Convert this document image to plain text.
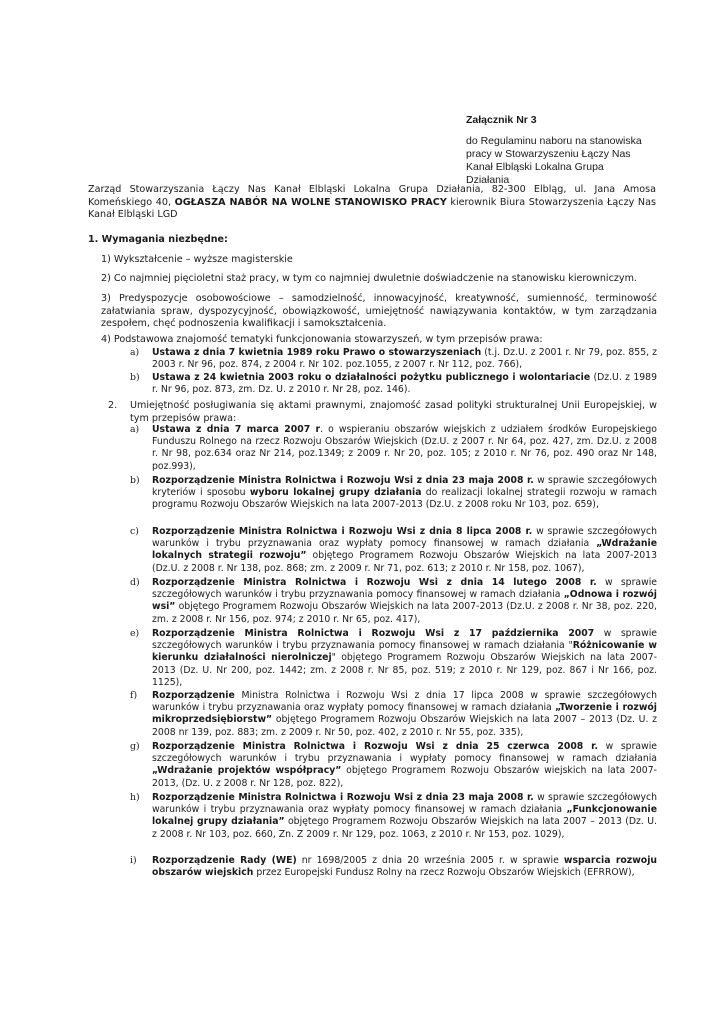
Załącznik Nr 3
do Regulaminu naboru na stanowiska
pracy w Stowarzyszeniu Łączy Nas
Kanał Elbląski Lokalna Grupa
Działania
Zarząd Stowarzyszania Łączy Nas Kanał Elbląski Lokalna Grupa Działania, 82-300 Elbląg, ul. Jana Amosa Komeńskiego 40, OGŁASZA NABÓR NA WOLNE STANOWISKO PRACY kierownik Biura Stowarzyszenia Łączy Nas Kanał Elbląski LGD
1. Wymagania niezbędne:
1) Wykształcenie – wyższe magisterskie
2) Co najmniej pięcioletni staż pracy, w tym co najmniej dwuletnie doświadczenie na stanowisku kierowniczym.
3) Predyspozycje osobowościowe – samodzielność, innowacyjność, kreatywność, sumienność, terminowość załatwiania spraw, dyspozycyjność, obowiązkowość, umiejętność nawiązywania kontaktów, w tym zarządzania zespołem, chęć podnoszenia kwalifikacji i samokształcenia.
4) Podstawowa znajomość tematyki funkcjonowania stowarzyszeń, w tym przepisów prawa:
a) Ustawa z dnia 7 kwietnia 1989 roku Prawo o stowarzyszeniach (t.j. Dz.U. z 2001 r. Nr 79, poz. 855, z 2003 r. Nr 96, poz. 874, z 2004 r. Nr 102. poz.1055, z 2007 r. Nr 112, poz. 766),
b) Ustawa z 24 kwietnia 2003 roku o działalności pożytku publicznego i wolontariacie (Dz.U. z 1989 r. Nr 96, poz. 873, zm. Dz. U. z 2010 r. Nr 28, poz. 146).
2. Umiejętność posługiwania się aktami prawnymi, znajomość zasad polityki strukturalnej Unii Europejskiej, w tym przepisów prawa:
a) Ustawa z dnia 7 marca 2007 r. o wspieraniu obszarów wiejskich z udziałem środków Europejskiego Funduszu Rolnego na rzecz Rozwoju Obszarów Wiejskich (Dz.U. z 2007 r. Nr 64, poz. 427, zm. Dz.U. z 2008 r. Nr 98, poz.634 oraz Nr 214, poz.1349; z 2009 r. Nr 20, poz. 105; z 2010 r. Nr 76, poz. 490 oraz Nr 148, poz.993),
b) Rozporządzenie Ministra Rolnictwa i Rozwoju Wsi z dnia 23 maja 2008 r. w sprawie szczegółowych kryteriów i sposobu wyboru lokalnej grupy działania do realizacji lokalnej strategii rozwoju w ramach programu Rozwoju Obszarów Wiejskich na lata 2007-2013 (Dz.U. z 2008 roku Nr 103, poz. 659),
c) Rozporządzenie Ministra Rolnictwa i Rozwoju Wsi z dnia 8 lipca 2008 r. w sprawie szczegółowych warunków i trybu przyznawania oraz wypłaty pomocy finansowej w ramach działania „Wdrażanie lokalnych strategii rozwoju” objętego Programem Rozwoju Obszarów Wiejskich na lata 2007-2013 (Dz.U. z 2008 r. Nr 138, poz. 868; zm. z 2009 r. Nr 71, poz. 613; z 2010 r. Nr 158, poz. 1067),
d) Rozporządzenie Ministra Rolnictwa i Rozwoju Wsi z dnia 14 lutego 2008 r. w sprawie szczegółowych warunków i trybu przyznawania pomocy finansowej w ramach działania „Odnowa i rozwój wsi” objętego Programem Rozwoju Obszarów Wiejskich na lata 2007-2013 (Dz.U. z 2008 r. Nr 38, poz. 220, zm. z 2008 r. Nr 156, poz. 974; z 2010 r. Nr 65, poz. 417),
e) Rozporządzenie Ministra Rolnictwa i Rozwoju Wsi z 17 października 2007 w sprawie szczegółowych warunków i trybu przyznawania pomocy finansowej w ramach działania "Różnicowanie w kierunku działalności nierolniczej" objętego Programem Rozwoju Obszarów Wiejskich na lata 2007-2013 (Dz. U. Nr 200, poz. 1442; zm. z 2008 r. Nr 85, poz. 519; z 2010 r. Nr 129, poz. 867 i Nr 166, poz. 1125),
f) Rozporządzenie Ministra Rolnictwa i Rozwoju Wsi z dnia 17 lipca 2008 w sprawie szczegółowych warunków i trybu przyznawania oraz wypłaty pomocy finansowej w ramach działania „Tworzenie i rozwój mikroprzedsiębiorstw” objętego Programem Rozwoju Obszarów Wiejskich na lata 2007 – 2013 (Dz. U. z 2008 nr 139, poz. 883; zm. z 2009 r. Nr 50, poz. 402, z 2010 r. Nr 55, poz. 335),
g) Rozporządzenie Ministra Rolnictwa i Rozwoju Wsi z dnia 25 czerwca 2008 r. w sprawie szczegółowych warunków i trybu przyznawania i wypłaty pomocy finansowej w ramach działania „Wdrażanie projektów współpracy” objętego Programem Rozwoju Obszarów wiejskich na lata 2007-2013, (Dz. U. z 2008 r. Nr 128, poz. 822),
h) Rozporządzenie Ministra Rolnictwa i Rozwoju Wsi z dnia 23 maja 2008 r. w sprawie szczegółowych warunków i trybu przyznawania oraz wypłaty pomocy finansowej w ramach działania „Funkcjonowanie lokalnej grupy działania” objętego Programem Rozwoju Obszarów Wiejskich na lata 2007 – 2013 (Dz. U. z 2008 r. Nr 103, poz. 660, Zn. Z 2009 r. Nr 129, poz. 1063, z 2010 r. Nr 153, poz. 1029),
i) Rozporządzenie Rady (WE) nr 1698/2005 z dnia 20 września 2005 r. w sprawie wsparcia rozwoju obszarów wiejskich przez Europejski Fundusz Rolny na rzecz Rozwoju Obszarów Wiejskich (EFRROW),
